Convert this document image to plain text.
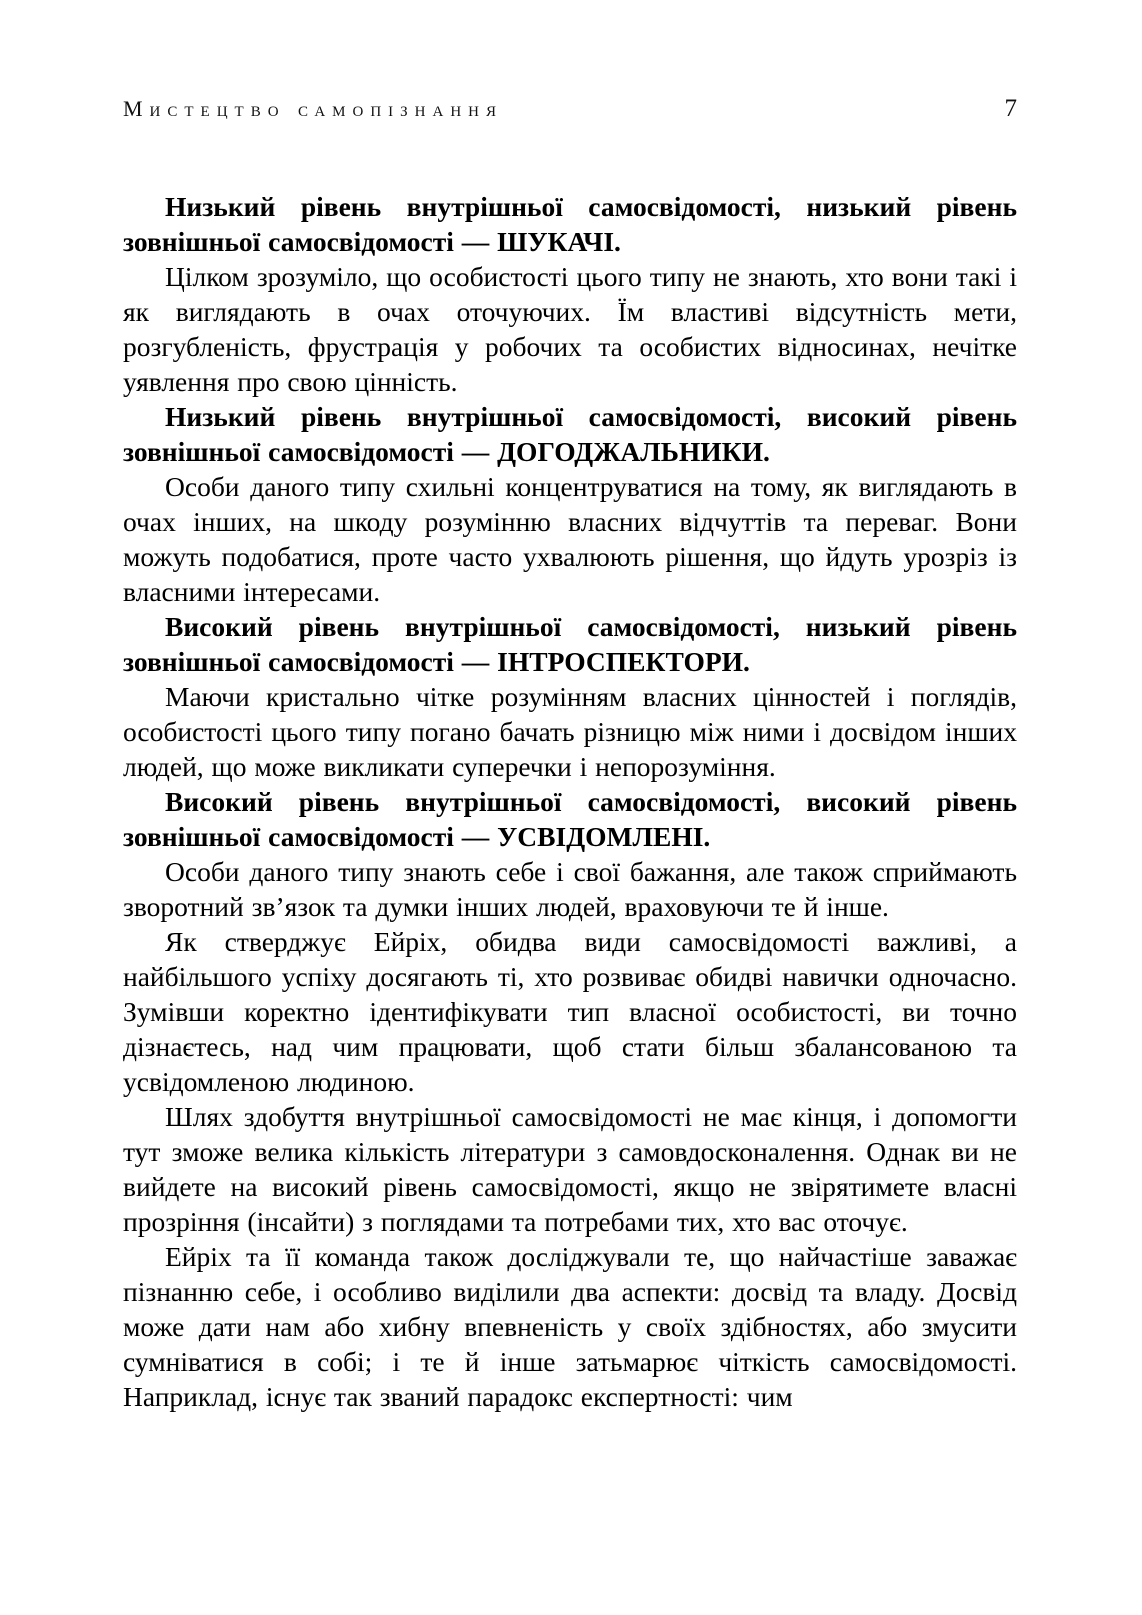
Мистецтво самопізнання	7

Низький рівень внутрішньої самосвідомості, низький рівень зовнішньої самосвідомості — ШУКАЧІ.

Цілком зрозуміло, що особистості цього типу не знають, хто вони такі і як виглядають в очах оточуючих. Їм властиві відсутність мети, розгубленість, фрустрація у робочих та особистих відносинах, нечітке уявлення про свою цінність.

Низький рівень внутрішньої самосвідомості, високий рівень зовнішньої самосвідомості — ДОГОДЖАЛЬНИКИ.

Особи даного типу схильні концентруватися на тому, як виглядають в очах інших, на шкоду розумінню власних відчуттів та переваг. Вони можуть подобатися, проте часто ухвалюють рішення, що йдуть урозріз із власними інтересами.

Високий рівень внутрішньої самосвідомості, низький рівень зовнішньої самосвідомості — ІНТРОСПЕКТОРИ.

Маючи кристально чітке розумінням власних цінностей і поглядів, особистості цього типу погано бачать різницю між ними і досвідом інших людей, що може викликати суперечки і непорозуміння.

Високий рівень внутрішньої самосвідомості, високий рівень зовнішньої самосвідомості — УСВІДОМЛЕНІ.

Особи даного типу знають себе і свої бажання, але також сприймають зворотний зв’язок та думки інших людей, враховуючи те й інше.

Як стверджує Ейріх, обидва види самосвідомості важливі, а найбільшого успіху досягають ті, хто розвиває обидві навички одночасно. Зумівши коректно ідентифікувати тип власної особистості, ви точно дізнаєтесь, над чим працювати, щоб стати більш збалансованою та усвідомленою людиною.

Шлях здобуття внутрішньої самосвідомості не має кінця, і допомогти тут зможе велика кількість літератури з самовдосконалення. Однак ви не вийдете на високий рівень самосвідомості, якщо не звірятимете власні прозріння (інсайти) з поглядами та потребами тих, хто вас оточує.

Ейріх та її команда також досліджували те, що найчастіше заважає пізнанню себе, і особливо виділили два аспекти: досвід та владу. Досвід може дати нам або хибну впевненість у своїх здібностях, або змусити сумніватися в собі; і те й інше затьмарює чіткість самосвідомості. Наприклад, існує так званий парадокс експертності: чим
